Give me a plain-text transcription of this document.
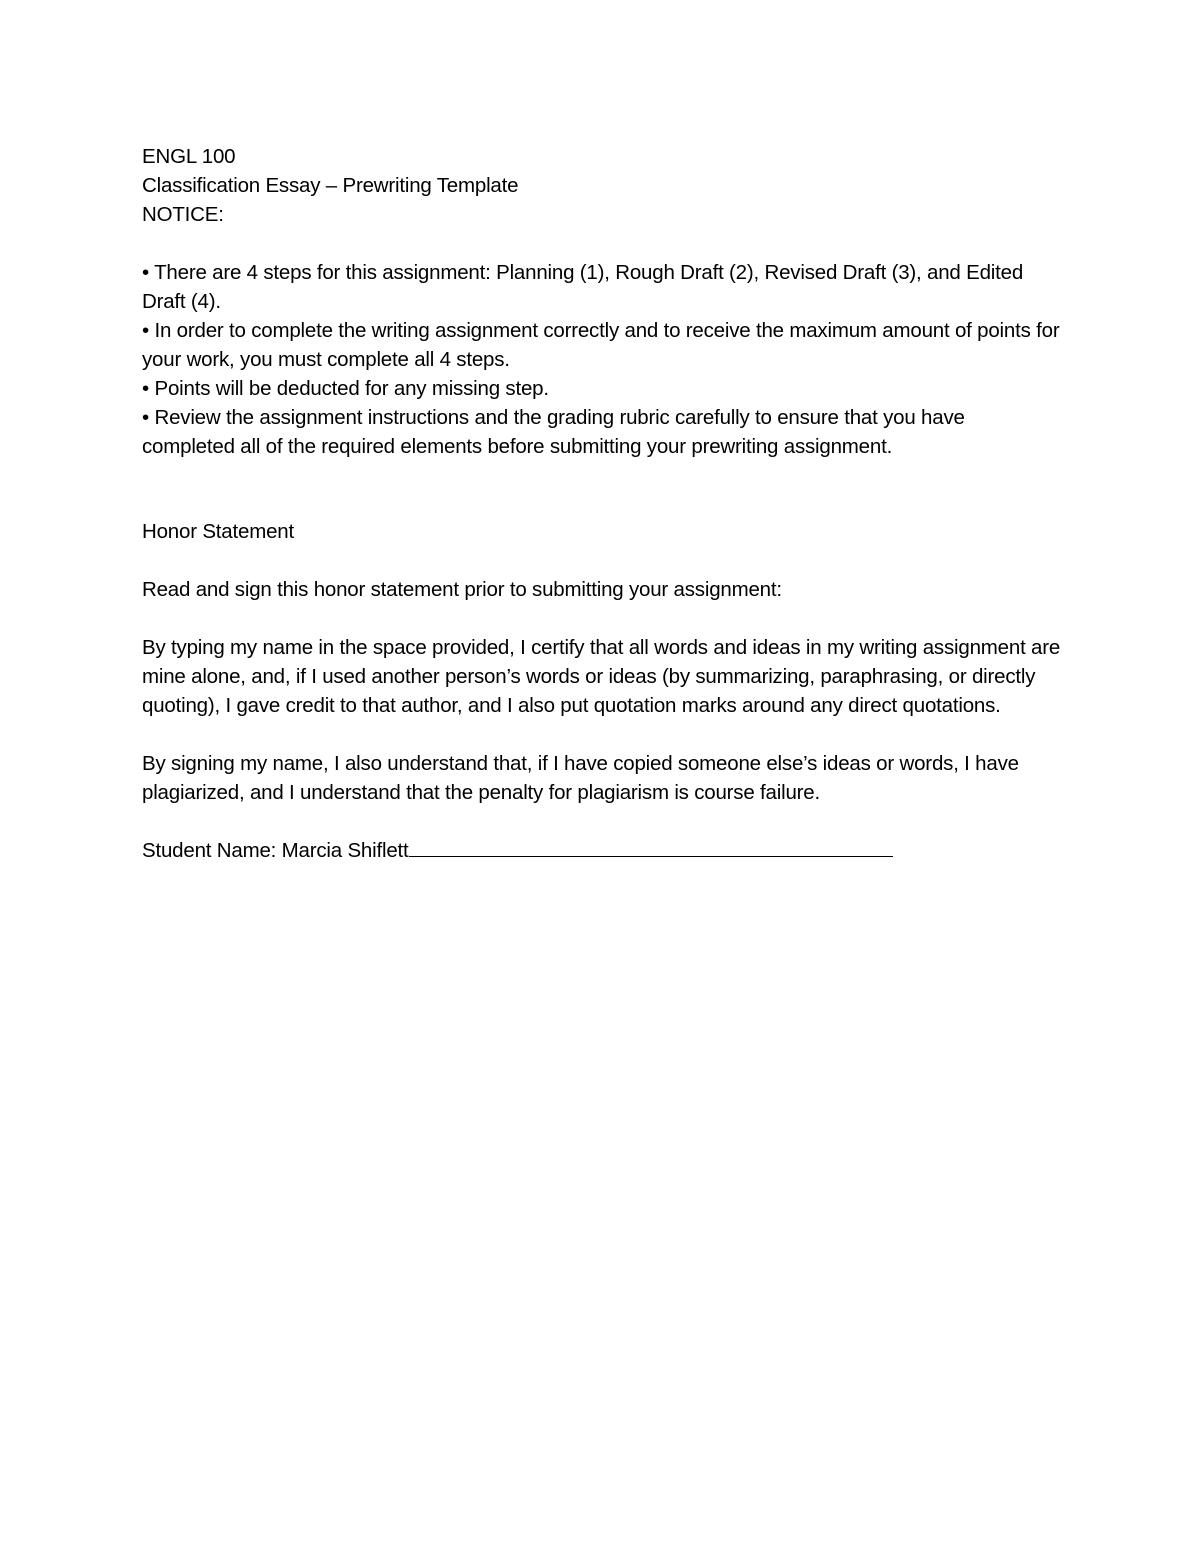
ENGL 100

Classification Essay – Prewriting Template

NOTICE:

• There are 4 steps for this assignment: Planning (1), Rough Draft (2), Revised Draft (3), and Edited Draft (4).

• In order to complete the writing assignment correctly and to receive the maximum amount of points for your work, you must complete all 4 steps.

• Points will be deducted for any missing step.

• Review the assignment instructions and the grading rubric carefully to ensure that you have completed all of the required elements before submitting your prewriting assignment.

Honor Statement

Read and sign this honor statement prior to submitting your assignment:

By typing my name in the space provided, I certify that all words and ideas in my writing assignment are mine alone, and, if I used another person’s words or ideas (by summarizing, paraphrasing, or directly quoting), I gave credit to that author, and I also put quotation marks around any direct quotations.

By signing my name, I also understand that, if I have copied someone else’s ideas or words, I have plagiarized, and I understand that the penalty for plagiarism is course failure.

Student Name: Marcia Shiflett
